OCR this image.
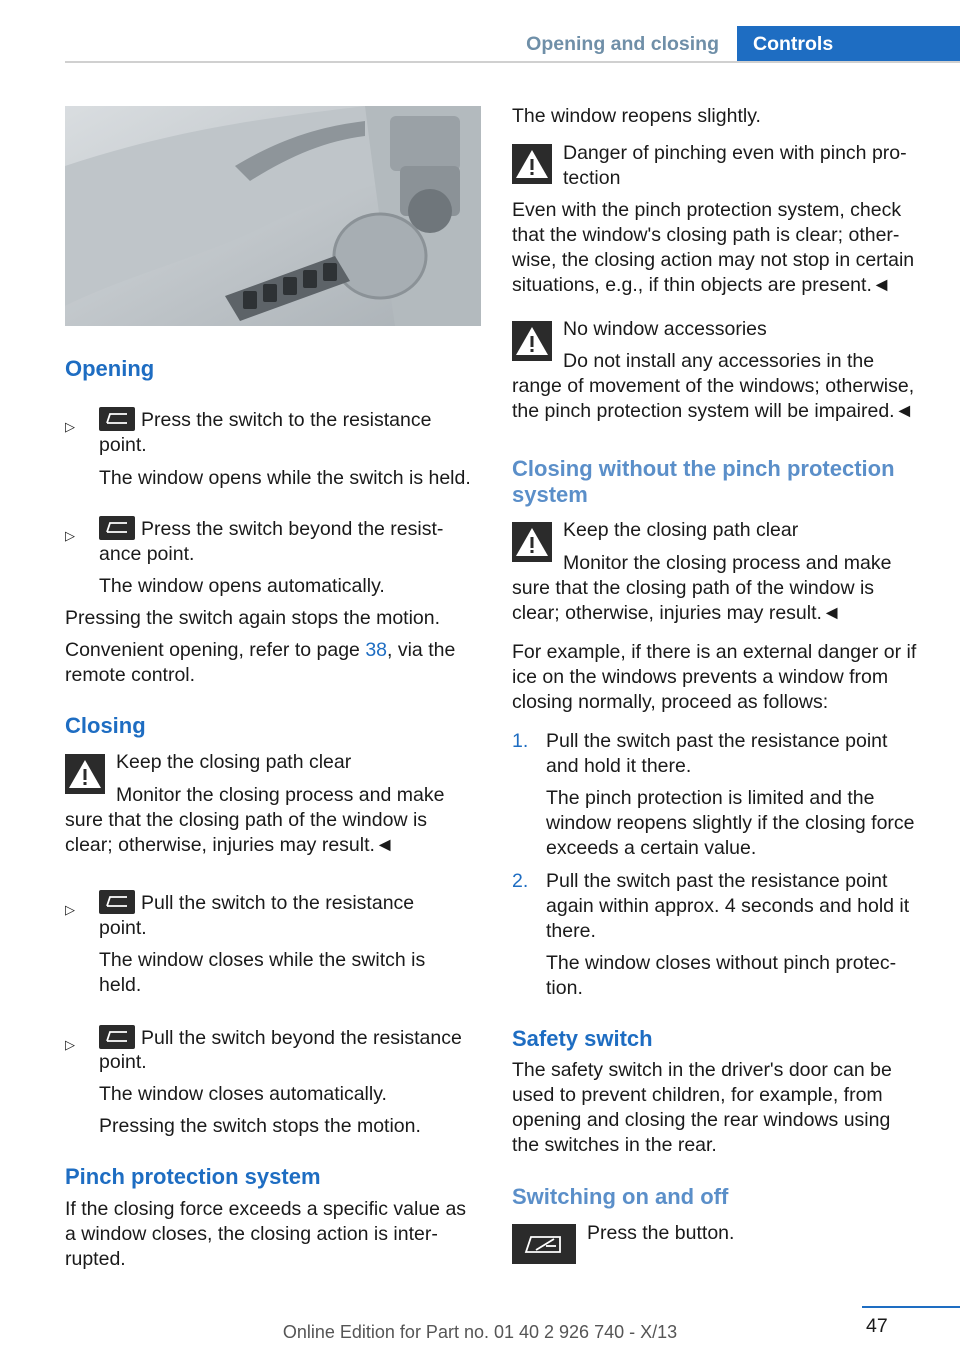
Opening and closing	Controls
Opening
▷	Press the switch to the resistance

point.

The window opens while the switch is held.

▷	Press the switch beyond the resist-

ance point.

The window opens automatically.

Pressing the switch again stops the motion.

Convenient opening, refer to page 38, via the

remote control.

Closing

Keep the closing path clear

Monitor the closing process and make

sure that the closing path of the window is

clear; otherwise, injuries may result.◄

▷	Pull the switch to the resistance

point.

The window closes while the switch is

held.

▷	Pull the switch beyond the resistance

point.

The window closes automatically.

Pressing the switch stops the motion.

Pinch protection system

If the closing force exceeds a specific value as

a window closes, the closing action is inter-

rupted.

The window reopens slightly.

Danger of pinching even with pinch pro-

tection

Even with the pinch protection system, check

that the window's closing path is clear; other-

wise, the closing action may not stop in certain

situations, e.g., if thin objects are present.◄

No window accessories

Do not install any accessories in the

range of movement of the windows; otherwise,

the pinch protection system will be impaired.◄

Closing without the pinch protection
system

Keep the closing path clear

Monitor the closing process and make

sure that the closing path of the window is

clear; otherwise, injuries may result.◄

For example, if there is an external danger or if

ice on the windows prevents a window from

closing normally, proceed as follows:

1. Pull the switch past the resistance point

and hold it there.

The pinch protection is limited and the

window reopens slightly if the closing force

exceeds a certain value.

2. Pull the switch past the resistance point

again within approx. 4 seconds and hold it

there.

The window closes without pinch protec-

tion.

Safety switch

The safety switch in the driver's door can be

used to prevent children, for example, from

opening and closing the rear windows using

the switches in the rear.

Switching on and off

Press the button.

47
Online Edition for Part no. 01 40 2 926 740 - X/13
